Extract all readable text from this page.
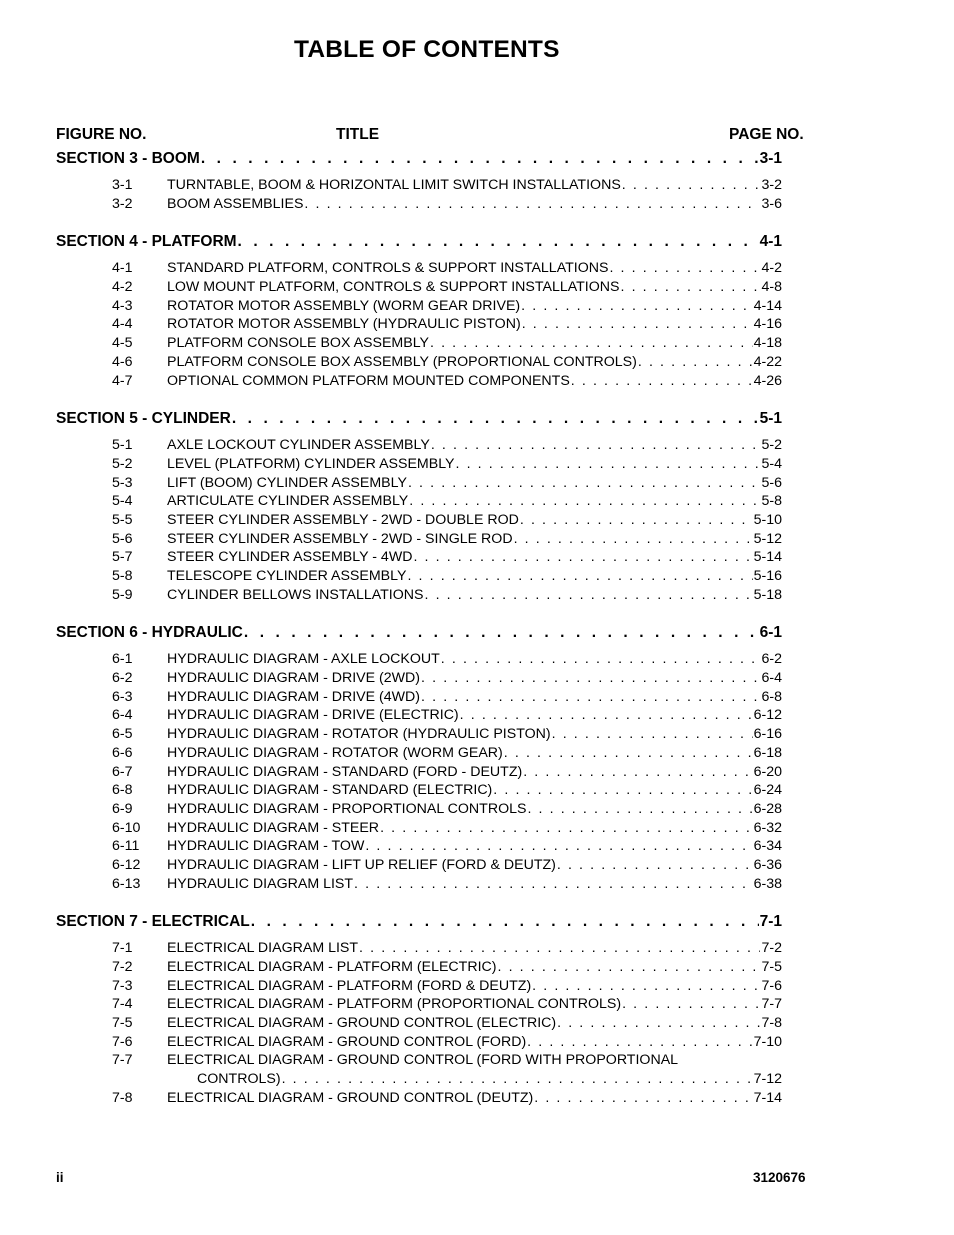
TABLE OF CONTENTS
FIGURE NO.	TITLE	PAGE NO.
SECTION 3 - BOOM . . .	3-1
3-1 TURNTABLE, BOOM & HORIZONTAL LIMIT SWITCH INSTALLATIONS . . .	3-2
3-2 BOOM ASSEMBLIES . . .	3-6
SECTION 4 - PLATFORM . . .	4-1
4-1 STANDARD PLATFORM, CONTROLS & SUPPORT INSTALLATIONS . . .	4-2
4-2 LOW MOUNT PLATFORM, CONTROLS & SUPPORT INSTALLATIONS . . .	4-8
4-3 ROTATOR MOTOR ASSEMBLY (WORM GEAR DRIVE) . . .	4-14
4-4 ROTATOR MOTOR ASSEMBLY (HYDRAULIC PISTON) . . .	4-16
4-5 PLATFORM CONSOLE BOX ASSEMBLY . . .	4-18
4-6 PLATFORM CONSOLE BOX ASSEMBLY (PROPORTIONAL CONTROLS) . . .	4-22
4-7 OPTIONAL COMMON PLATFORM MOUNTED COMPONENTS . . .	4-26
SECTION 5 - CYLINDER . . .	5-1
5-1 AXLE LOCKOUT CYLINDER ASSEMBLY . . .	5-2
5-2 LEVEL (PLATFORM) CYLINDER ASSEMBLY . . .	5-4
5-3 LIFT (BOOM) CYLINDER ASSEMBLY . . .	5-6
5-4 ARTICULATE CYLINDER ASSEMBLY . . .	5-8
5-5 STEER CYLINDER ASSEMBLY - 2WD - DOUBLE ROD . . .	5-10
5-6 STEER CYLINDER ASSEMBLY - 2WD - SINGLE ROD . . .	5-12
5-7 STEER CYLINDER ASSEMBLY - 4WD . . .	5-14
5-8 TELESCOPE CYLINDER ASSEMBLY . . .	5-16
5-9 CYLINDER BELLOWS INSTALLATIONS . . .	5-18
SECTION 6 - HYDRAULIC . . .	6-1
6-1 HYDRAULIC DIAGRAM - AXLE LOCKOUT . . .	6-2
6-2 HYDRAULIC DIAGRAM - DRIVE (2WD) . . .	6-4
6-3 HYDRAULIC DIAGRAM - DRIVE (4WD) . . .	6-8
6-4 HYDRAULIC DIAGRAM - DRIVE (ELECTRIC) . . .	6-12
6-5 HYDRAULIC DIAGRAM - ROTATOR (HYDRAULIC PISTON) . . .	6-16
6-6 HYDRAULIC DIAGRAM - ROTATOR (WORM GEAR) . . .	6-18
6-7 HYDRAULIC DIAGRAM - STANDARD (FORD - DEUTZ) . . .	6-20
6-8 HYDRAULIC DIAGRAM - STANDARD (ELECTRIC) . . .	6-24
6-9 HYDRAULIC DIAGRAM - PROPORTIONAL CONTROLS . . .	6-28
6-10 HYDRAULIC DIAGRAM - STEER . . .	6-32
6-11 HYDRAULIC DIAGRAM - TOW . . .	6-34
6-12 HYDRAULIC DIAGRAM - LIFT UP RELIEF (FORD & DEUTZ) . . .	6-36
6-13 HYDRAULIC DIAGRAM LIST . . .	6-38
SECTION 7 - ELECTRICAL . . .	7-1
7-1 ELECTRICAL DIAGRAM LIST . . .	7-2
7-2 ELECTRICAL DIAGRAM - PLATFORM (ELECTRIC) . . .	7-5
7-3 ELECTRICAL DIAGRAM - PLATFORM (FORD & DEUTZ) . . .	7-6
7-4 ELECTRICAL DIAGRAM - PLATFORM (PROPORTIONAL CONTROLS) . . .	7-7
7-5 ELECTRICAL DIAGRAM - GROUND CONTROL (ELECTRIC) . . .	7-8
7-6 ELECTRICAL DIAGRAM - GROUND CONTROL (FORD) . . .	7-10
7-7 ELECTRICAL DIAGRAM - GROUND CONTROL (FORD WITH PROPORTIONAL
CONTROLS) . . .	7-12
7-8 ELECTRICAL DIAGRAM - GROUND CONTROL (DEUTZ) . . .	7-14
ii	3120676
